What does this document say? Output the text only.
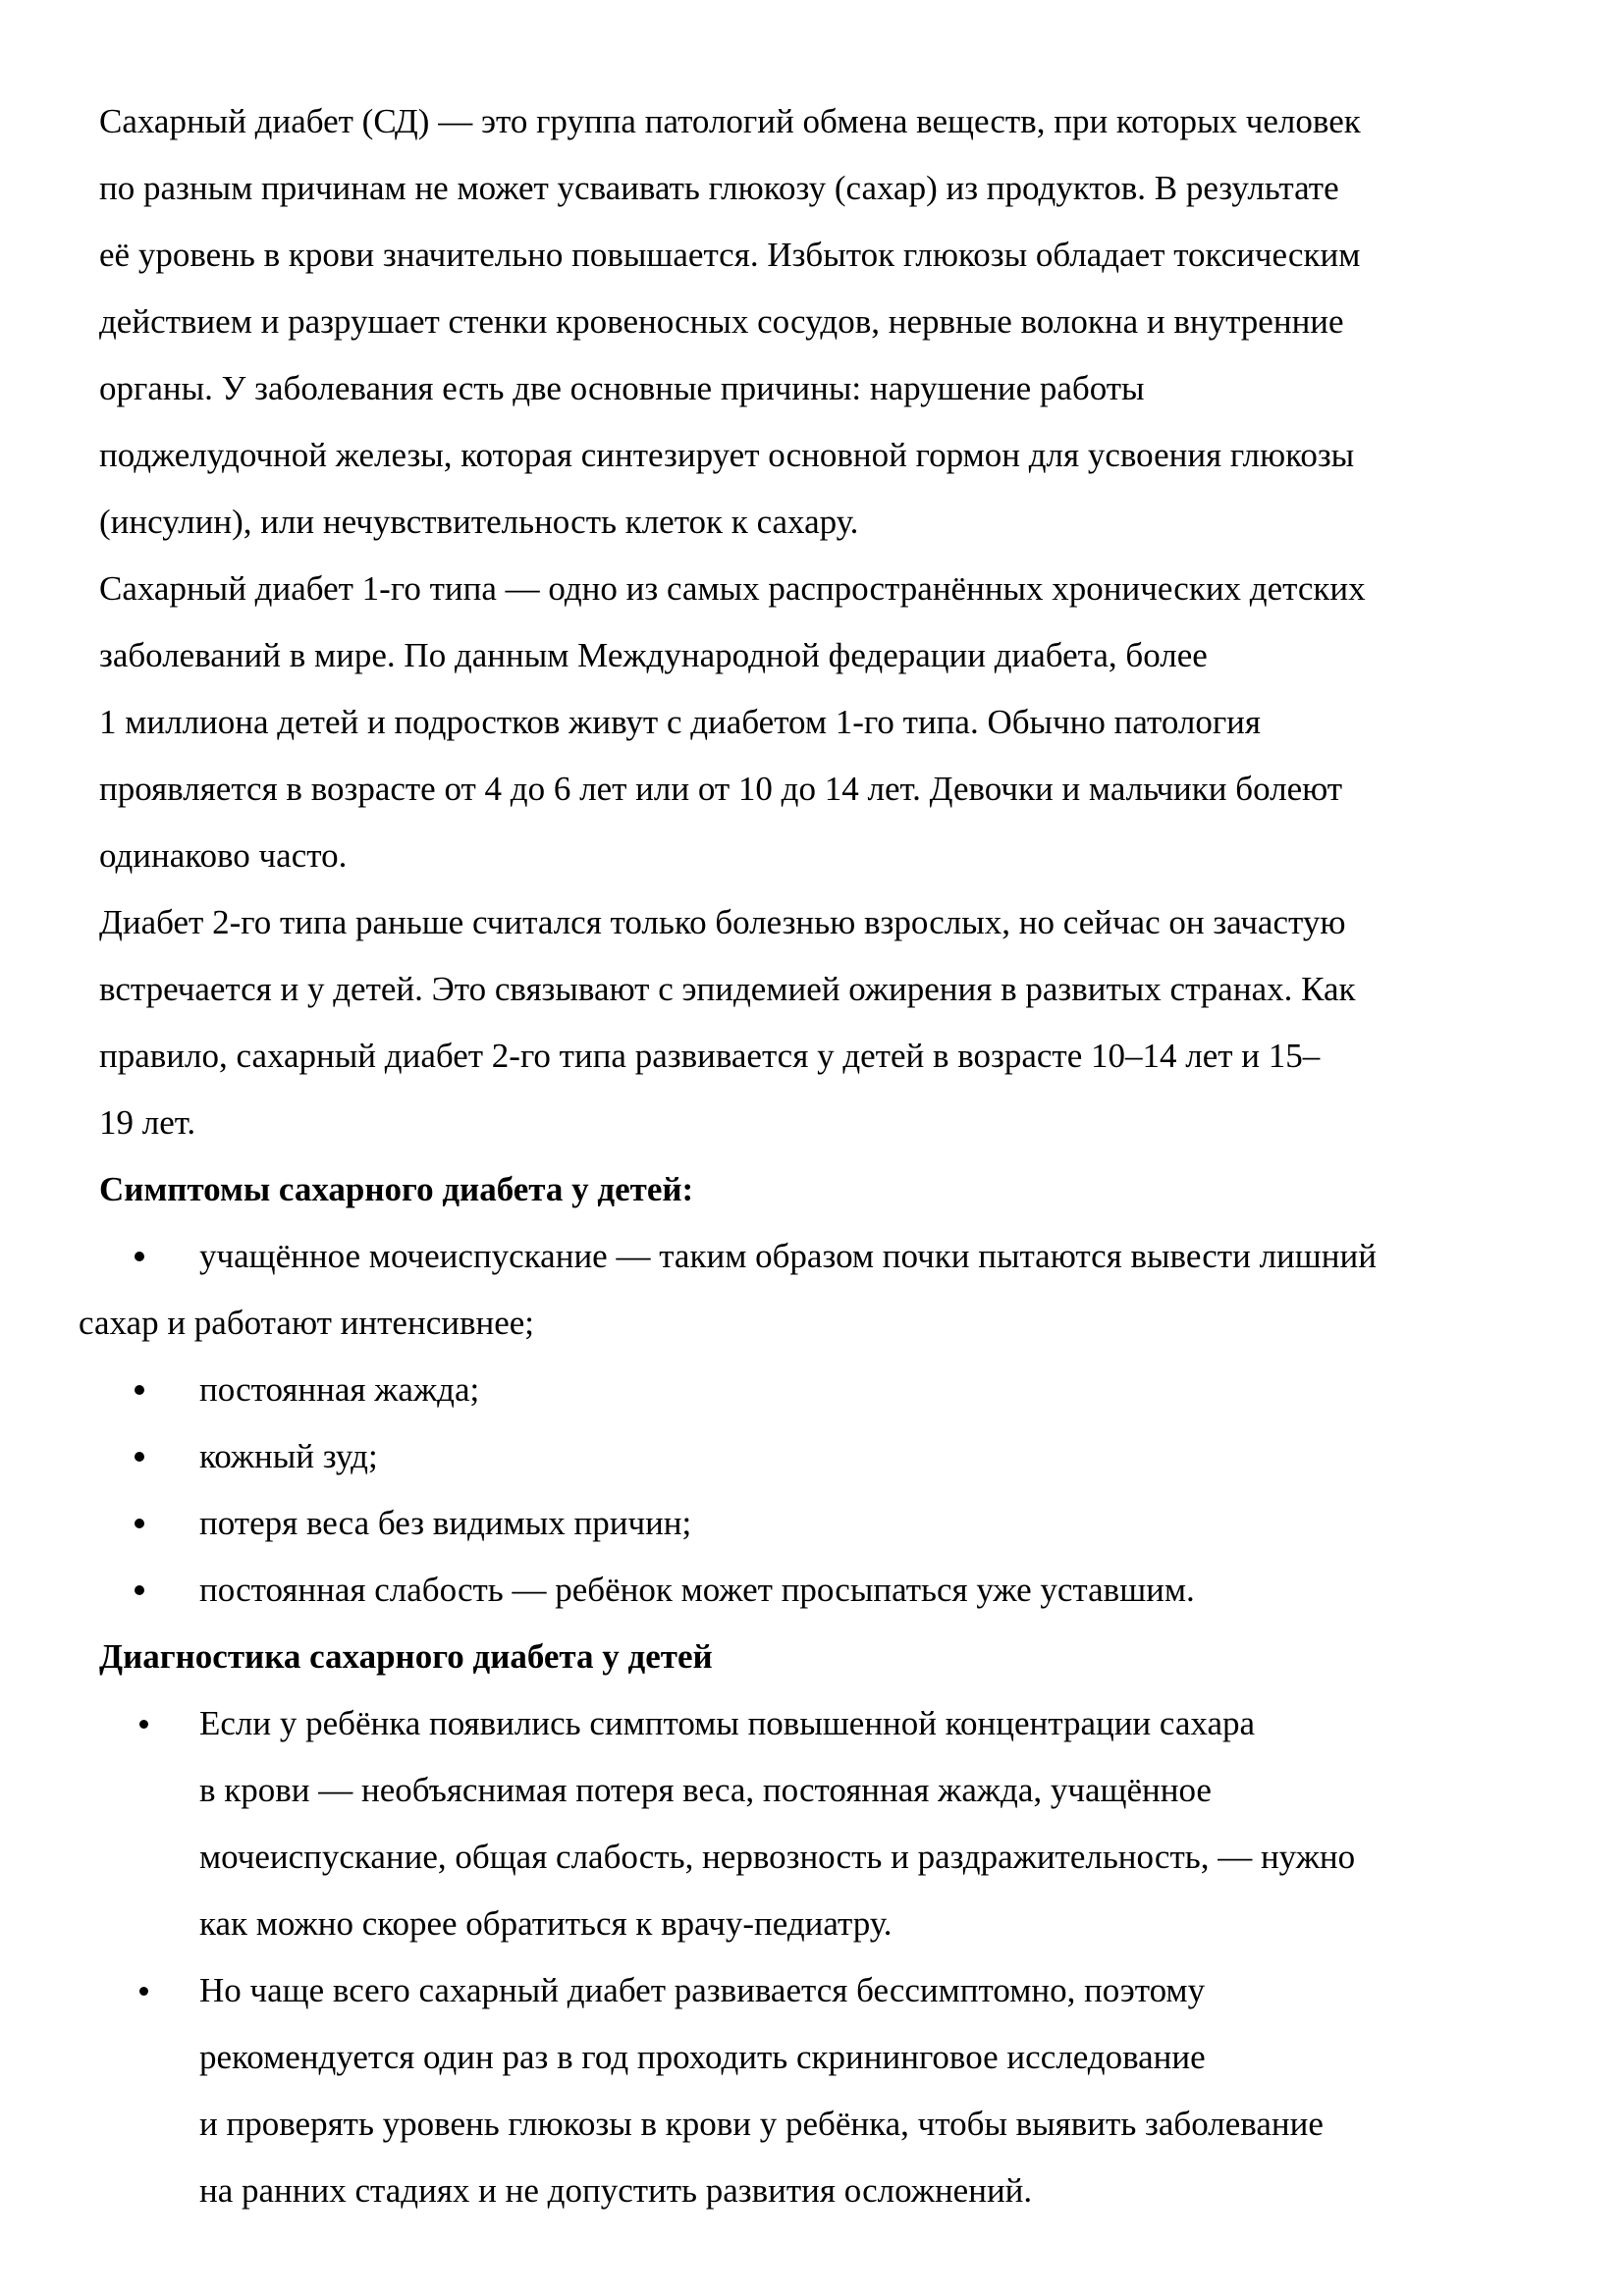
Сахарный диабет (СД) — это группа патологий обмена веществ, при которых человек
по разным причинам не может усваивать глюкозу (сахар) из продуктов. В результате
её уровень в крови значительно повышается. Избыток глюкозы обладает токсическим
действием и разрушает стенки кровеносных сосудов, нервные волокна и внутренние
органы. У заболевания есть две основные причины: нарушение работы
поджелудочной железы, которая синтезирует основной гормон для усвоения глюкозы
(инсулин), или нечувствительность клеток к сахару.
Сахарный диабет 1-го типа — одно из самых распространённых хронических детских
заболеваний в мире. По данным Международной федерации диабета, более
1 миллиона детей и подростков живут с диабетом 1-го типа. Обычно патология
проявляется в возрасте от 4 до 6 лет или от 10 до 14 лет. Девочки и мальчики болеют
одинаково часто.
Диабет 2-го типа раньше считался только болезнью взрослых, но сейчас он зачастую
встречается и у детей. Это связывают с эпидемией ожирения в развитых странах. Как
правило, сахарный диабет 2-го типа развивается у детей в возрасте 10–14 лет и 15–
19 лет.
Симптомы сахарного диабета у детей:
учащённое мочеиспускание — таким образом почки пытаются вывести лишний
сахар и работают интенсивнее;
постоянная жажда;
кожный зуд;
потеря веса без видимых причин;
постоянная слабость — ребёнок может просыпаться уже уставшим.
Диагностика сахарного диабета у детей
Если у ребёнка появились симптомы повышенной концентрации сахара
в крови — необъяснимая потеря веса, постоянная жажда, учащённое
мочеиспускание, общая слабость, нервозность и раздражительность, — нужно
как можно скорее обратиться к врачу-педиатру.
Но чаще всего сахарный диабет развивается бессимптомно, поэтому
рекомендуется один раз в год проходить скрининговое исследование
и проверять уровень глюкозы в крови у ребёнка, чтобы выявить заболевание
на ранних стадиях и не допустить развития осложнений.
